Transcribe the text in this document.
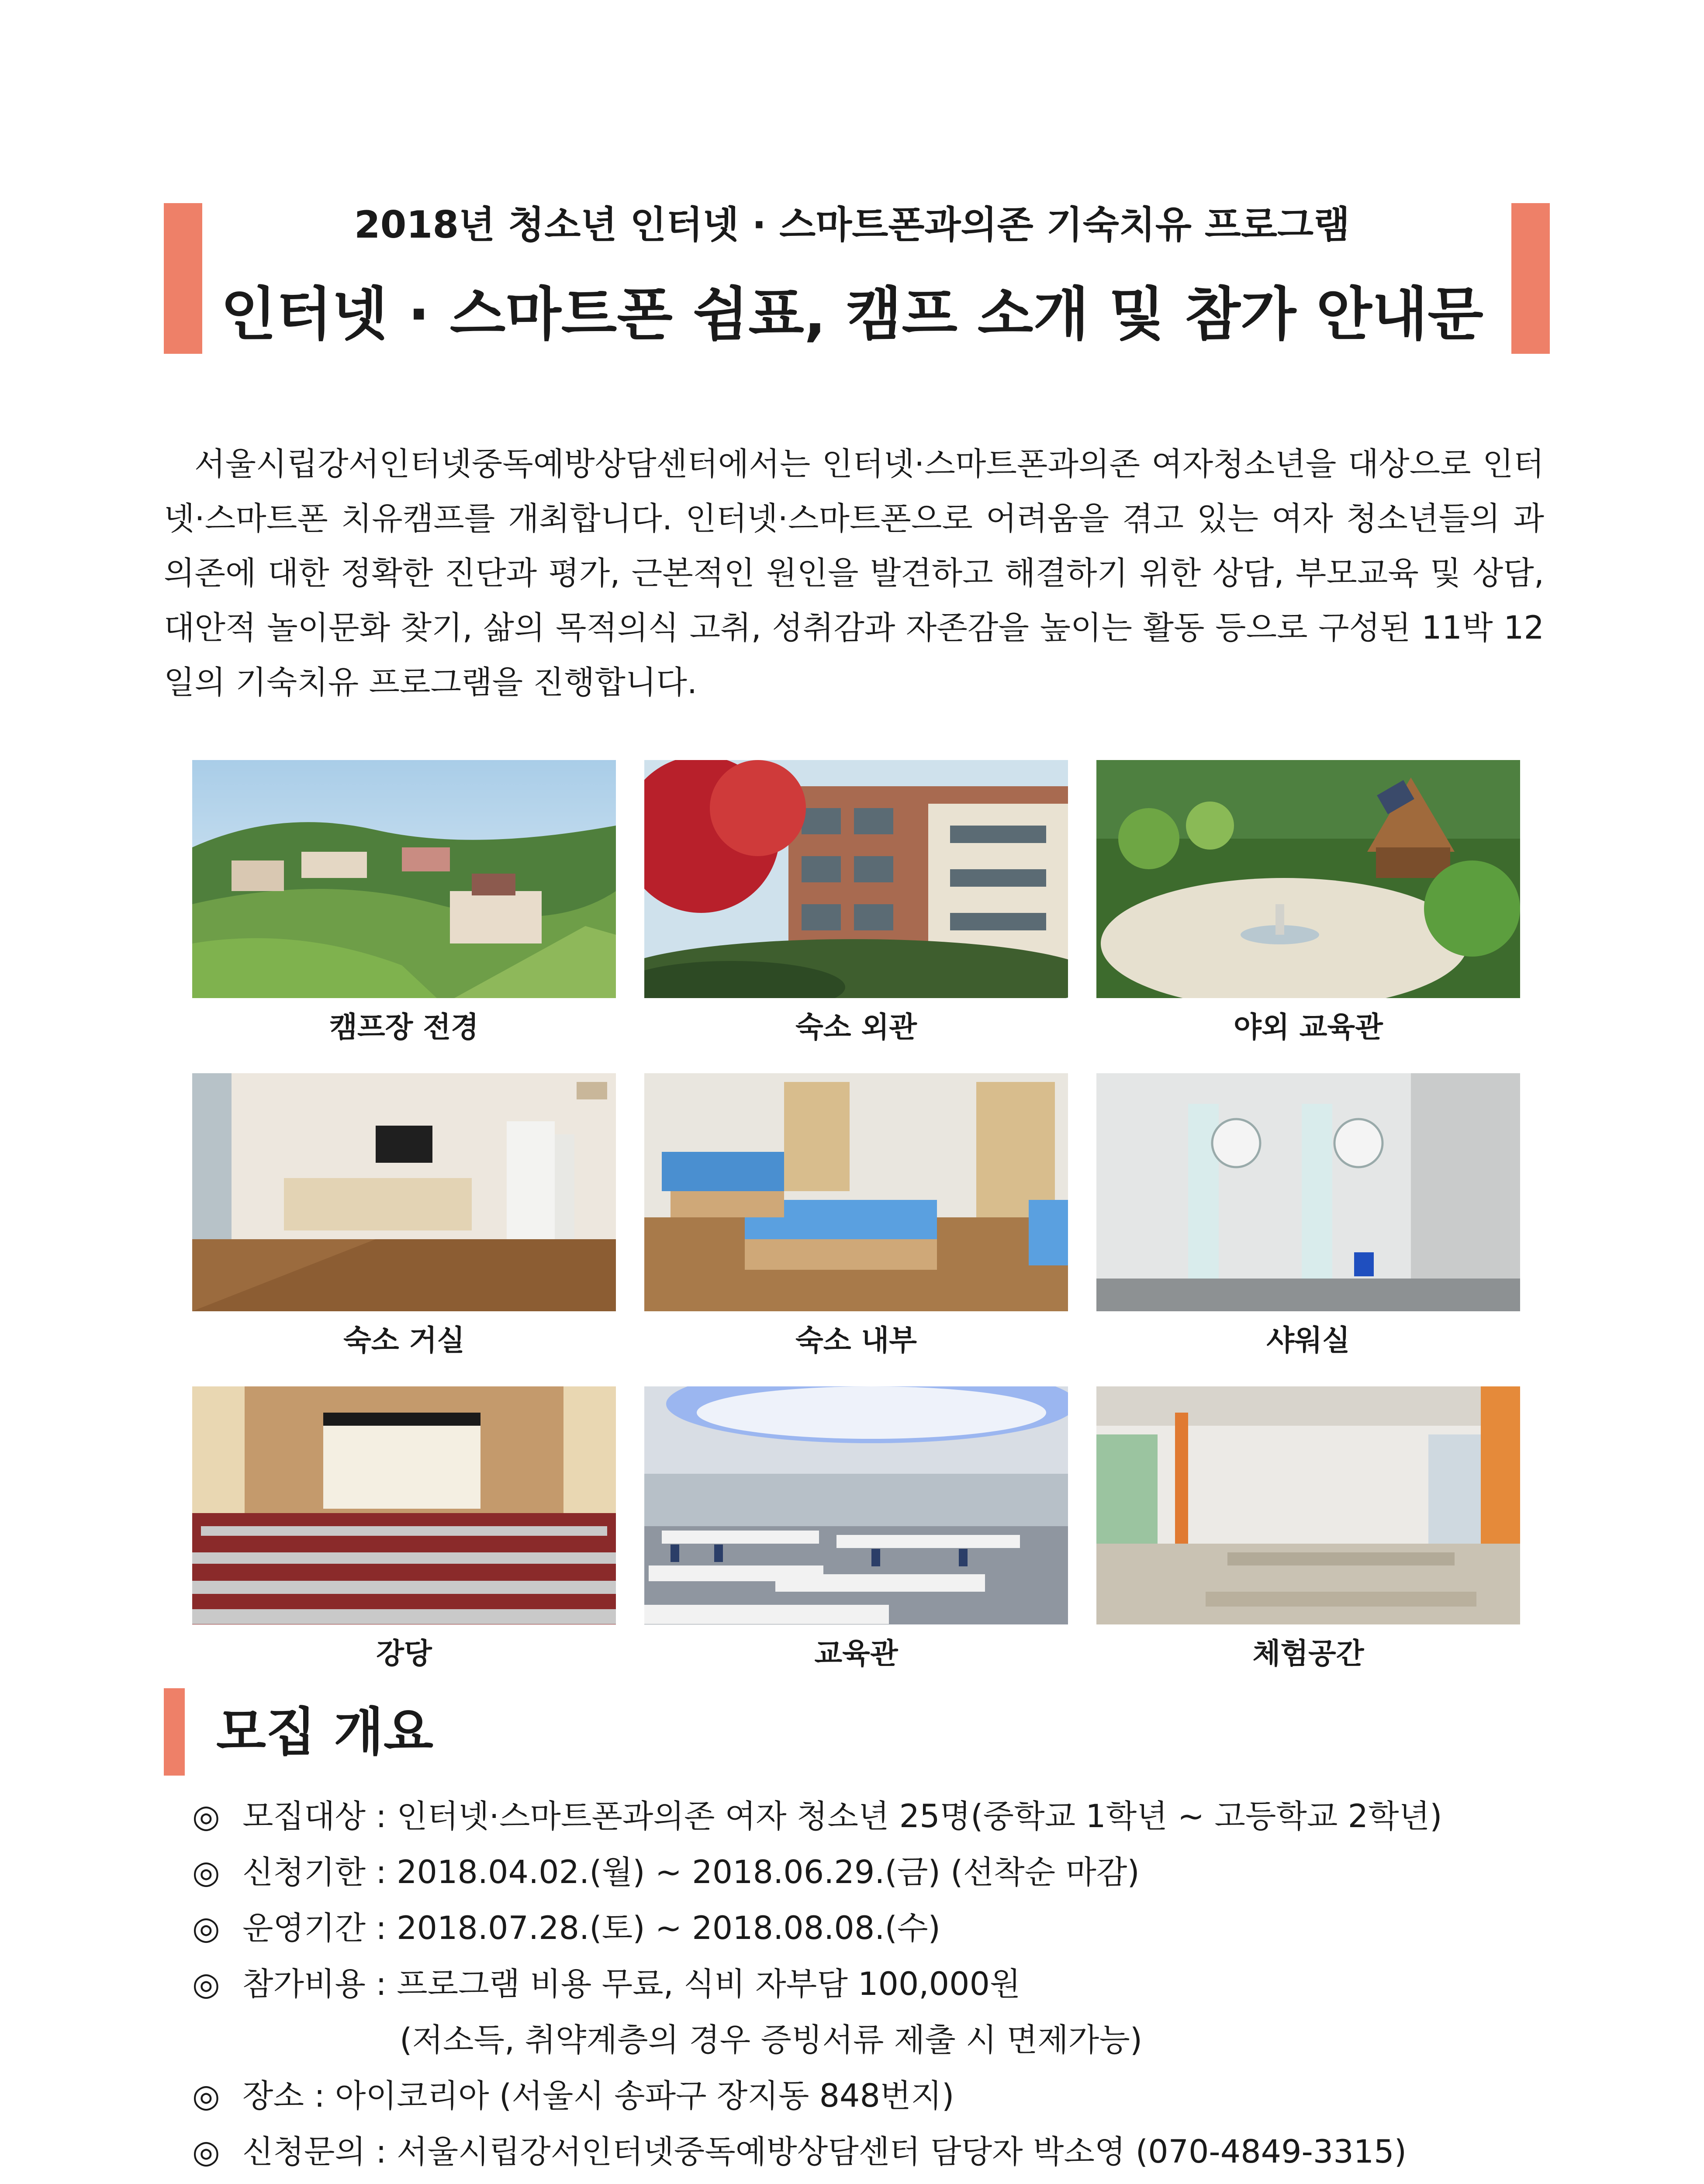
2018년 청소년 인터넷 · 스마트폰과의존 기숙치유 프로그램
인터넷 · 스마트폰 쉼표, 캠프 소개 및 참가 안내문

서울시립강서인터넷중독예방상담센터에서는 인터넷·스마트폰과의존 여자청소년을 대상으로 인터넷·스마트폰 치유캠프를 개최합니다. 인터넷·스마트폰으로 어려움을 겪고 있는 여자 청소년들의 과의존에 대한 정확한 진단과 평가, 근본적인 원인을 발견하고 해결하기 위한 상담, 부모교육 및 상담, 대안적 놀이문화 찾기, 삶의 목적의식 고취, 성취감과 자존감을 높이는 활동 등으로 구성된 11박 12일의 기숙치유 프로그램을 진행합니다.

캠프장 전경	숙소 외관	야외 교육관
숙소 거실	숙소 내부	샤워실
강당	교육관	체험공간
모집 개요
◎ 모집대상 : 인터넷·스마트폰과의존 여자 청소년 25명(중학교 1학년 ~ 고등학교 2학년)
◎ 신청기한 : 2018.04.02.(월) ~ 2018.06.29.(금) (선착순 마감)
◎ 운영기간 : 2018.07.28.(토) ~ 2018.08.08.(수)
◎ 참가비용 : 프로그램 비용 무료, 식비 자부담 100,000원
(저소득, 취약계층의 경우 증빙서류 제출 시 면제가능)
◎ 장소 : 아이코리아 (서울시 송파구 장지동 848번지)
◎ 신청문의 : 서울시립강서인터넷중독예방상담센터 담당자 박소영 (070-4849-3315)
